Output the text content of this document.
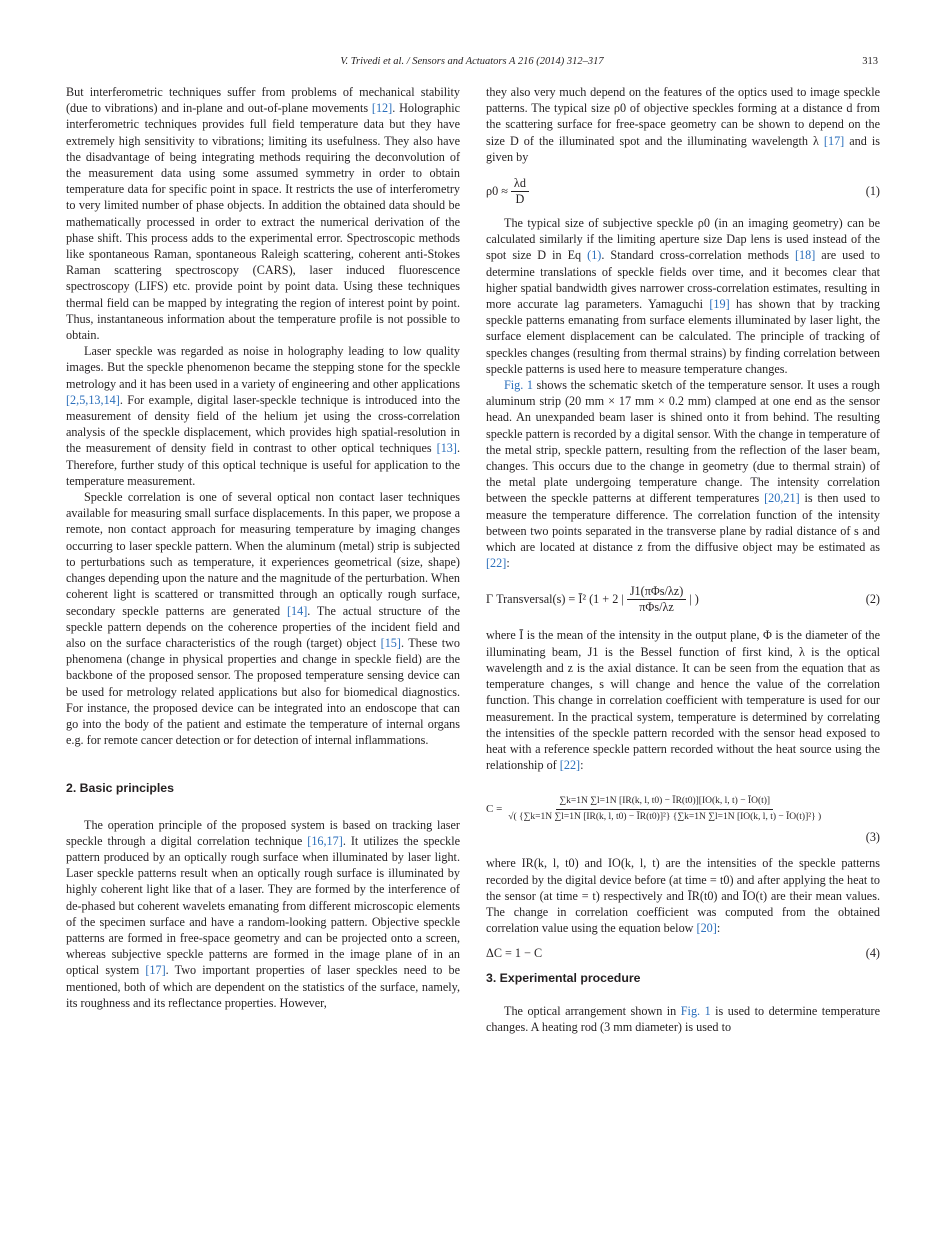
V. Trivedi et al. / Sensors and Actuators A 216 (2014) 312–317	313

But interferometric techniques suffer from problems of mechanical stability (due to vibrations) and in-plane and out-of-plane movements [12]. Holographic interferometric techniques provides full field temperature data but they have extremely high sensitivity to vibrations; limiting its usefulness. They also have the disadvantage of being integrating methods requiring the deconvolution of the measurement data using some assumed symmetry in order to obtain temperature data for specific point in space. It restricts the use of interferometry to very limited number of phase objects. In addition the obtained data should be mathematically processed in order to extract the numerical derivation of the phase shift. This process adds to the experimental error. Spectroscopic methods like spontaneous Raman, spontaneous Raleigh scattering, coherent anti-Stokes Raman scattering spectroscopy (CARS), laser induced fluorescence spectroscopy (LIFS) etc. provide point by point data. Using these techniques thermal field can be mapped by integrating the region of interest point by point. Thus, instantaneous information about the temperature profile is not possible to obtain.

Laser speckle was regarded as noise in holography leading to low quality images. But the speckle phenomenon became the stepping stone for the speckle metrology and it has been used in a variety of engineering and other applications [2,5,13,14]. For example, digital laser-speckle technique is introduced into the measurement of density field of the helium jet using the cross-correlation analysis of the speckle displacement, which provides high spatial-resolution in the measurement of density field in contrast to other optical techniques [13]. Therefore, further study of this optical technique is useful for application to the temperature measurement.

Speckle correlation is one of several optical non contact laser techniques available for measuring small surface displacements. In this paper, we propose a remote, non contact approach for measuring temperature by imaging changes occurring to laser speckle pattern. When the aluminum (metal) strip is subjected to perturbations such as temperature, it experiences geometrical (size, shape) changes depending upon the nature and the magnitude of the perturbation. When coherent light is scattered or transmitted through an optically rough surface, secondary speckle patterns are generated [14]. The actual structure of the speckle pattern depends on the coherence properties of the incident field and also on the surface characteristics of the rough (target) object [15]. These two phenomena (change in physical properties and change in speckle field) are the backbone of the proposed sensor. The proposed temperature sensing device can be used for metrology related applications but also for biomedical diagnostics. For instance, the proposed device can be integrated into an endoscope that can go into the body of the patient and estimate the temperature of internal organs e.g. for remote cancer detection or for detection of internal inflammations.

2. Basic principles

The operation principle of the proposed system is based on tracking laser speckle through a digital correlation technique [16,17]. It utilizes the speckle pattern produced by an optically rough surface when illuminated by laser light. Laser speckle patterns result when an optically rough surface is illuminated by highly coherent light like that of a laser. They are formed by the interference of de-phased but coherent wavelets emanating from different microscopic elements of the specimen surface and have a random-looking pattern. Objective speckle patterns are formed in free-space geometry and can be projected onto a screen, whereas subjective speckle patterns are formed in the image plane of in an optical system [17]. Two important properties of laser speckles need to be mentioned, both of which are dependent on the statistics of the surface, namely, its roughness and its reflectance properties. However,

they also very much depend on the features of the optics used to image speckle patterns. The typical size ρ0 of objective speckles forming at a distance d from the scattering surface for free-space geometry can be shown to depend on the size D of the illuminated spot and the illuminating wavelength λ [17] and is given by

$\rho 0 \approx \frac{\lambda d}{D}$	(1)

The typical size of subjective speckle ρ0 (in an imaging geometry) can be calculated similarly if the limiting aperture size Dap lens is used instead of the spot size D in Eq (1). Standard cross-correlation methods [18] are used to determine translations of speckle fields over time, and it becomes clear that higher spatial bandwidth gives narrower cross-correlation estimates, resulting in more accurate lag parameters. Yamaguchi [19] has shown that by tracking speckle patterns emanating from surface elements illuminated by laser light, the surface element displacement can be calculated. The principle of tracking of speckles changes (resulting from thermal strains) by finding correlation between speckle patterns is used here to measure temperature changes.

Fig. 1 shows the schematic sketch of the temperature sensor. It uses a rough aluminum strip (20 mm × 17 mm × 0.2 mm) clamped at one end as the sensor head. An unexpanded beam laser is shined onto it from behind. The resulting speckle pattern is recorded by a digital sensor. With the change in temperature of the metal strip, speckle pattern, resulting from the reflection of the laser beam, changes. This occurs due to the change in geometry (due to thermal strain) of the metal plate undergoing temperature change. The intensity correlation between the speckle patterns at different temperatures [20,21] is then used to measure the temperature difference. The correlation function of the intensity between two points separated in the transverse plane by radial distance of s and which are located at distance z from the diffusive object may be estimated as [22]:

Γ Transversal(s) = Ī² (1 + 2 | $\frac{\text{J1(πΦs/λz)}}{\text{πΦs/λz}}$ | )	(2)

where Ī is the mean of the intensity in the output plane, Φ is the diameter of the illuminating beam, J1 is the Bessel function of first kind, λ is the optical wavelength and z is the axial distance. It can be seen from the equation that as temperature changes, s will change and hence the value of the correlation function. This change in correlation coefficient with temperature is used for our measurement. In the practical system, temperature is determined by correlating the intensities of the speckle pattern recorded with the sensor head exposed to heat with a reference speckle pattern recorded without the heat source using the relationship of [22]:

C =
∑k=1N ∑l=1N [IR(k, l, t0) − ĪR(t0)][IO(k, l, t) − ĪO(t)]
√( {∑k=1N ∑l=1N [IR(k, l, t0) − ĪR(t0)]²} {∑k=1N ∑l=1N [IO(k, l, t) − ĪO(t)]²} )
(3)

where IR(k, l, t0) and IO(k, l, t) are the intensities of the speckle patterns recorded by the digital device before (at time = t0) and after applying the heat to the sensor (at time = t) respectively and ĪR(t0) and ĪO(t) are their mean values. The change in correlation coefficient was computed from the obtained correlation value using the equation below [20]:

ΔC = 1 − C	(4)

3. Experimental procedure

The optical arrangement shown in Fig. 1 is used to determine temperature changes. A heating rod (3 mm diameter) is used to
